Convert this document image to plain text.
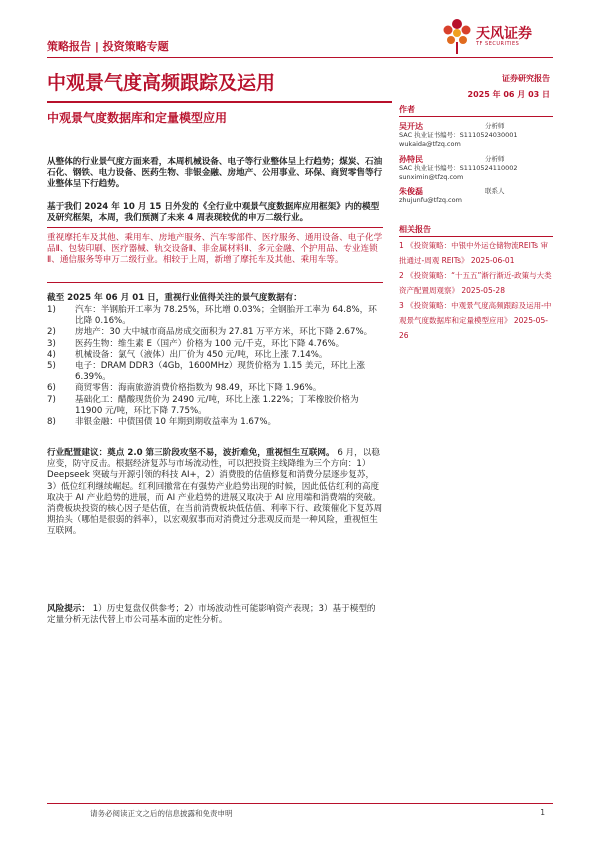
策略报告 | 投资策略专题
天风证券
TF SECURITIES
中观景气度高频跟踪及运用	证券研究报告
2025 年 06 月 03 日
中观景气度数据库和定量模型应用
作者
吴开达	分析师
SAC 执业证书编号：S1110524030001
wukaida@tfzq.com
孙特民	分析师
SAC 执业证书编号：S1110524110002
sunximin@tfzq.com
朱俊磊	联系人
zhujunfu@tfzq.com
相关报告
1 《投资策略：中银中外运仓储物流REITs 审批通过-周观 REITs》 2025-06-01
2 《投资策略：“十五五”渐行渐近-政策与大类资产配置周观察》 2025-05-28
3 《投资策略：中观景气度高频跟踪及运用-中观景气度数据库和定量模型应用》 2025-05-26
从整体的行业景气度方面来看，本周机械设备、电子等行业整体呈上行趋势；煤炭、石油石化、钢铁、电力设备、医药生物、非银金融、房地产、公用事业、环保、商贸零售等行业整体呈下行趋势。
基于我们 2024 年 10 月 15 日外发的《全行业中观景气度数据库应用框架》内的模型及研究框架，本周，我们预测了未来 4 周表现较优的申万二级行业。
重视摩托车及其他、乘用车、房地产服务、汽车零部件、医疗服务、通用设备、电子化学品Ⅱ、包装印刷、医疗器械、轨交设备Ⅱ、非金属材料Ⅱ、多元金融、个护用品、专业连锁Ⅱ、通信服务等申万二级行业。相较于上周，新增了摩托车及其他、乘用车等。
截至 2025 年 06 月 01 日，重视行业值得关注的景气度数据有：
1) 汽车：半钢胎开工率为 78.25%，环比增 0.03%；全钢胎开工率为 64.8%，环比降 0.16%。
2) 房地产：30 大中城市商品房成交面积为 27.81 万平方米，环比下降 2.67%。
3) 医药生物：维生素 E（国产）价格为 100 元/千克，环比下降 4.76%。
4) 机械设备：氯气（液体）出厂价为 450 元/吨，环比上涨 7.14%。
5) 电子：DRAM DDR3（4Gb，1600MHz）现货价格为 1.15 美元，环比上涨 6.39%。
6) 商贸零售：海南旅游消费价格指数为 98.49，环比下降 1.96%。
7) 基础化工：醋酸现货价为 2490 元/吨，环比上涨 1.22%；丁苯橡胶价格为 11900 元/吨，环比下降 7.75%。
8) 非银金融：中债国债 10 年期到期收益率为 1.67%。
行业配置建议：奠点 2.0 第三阶段攻坚不易，波折难免，重视恒生互联网。 6 月，以稳应变，防守反击。根据经济复苏与市场流动性，可以把投资主线降维为三个方向：1）Deepseek 突破与开源引领的科技 AI+，2）消费股的估值修复和消费分层逐步复苏，3）低位红利继续崛起。红利回撤常在有强势产业趋势出现的时候，因此低估红利的高度取决于 AI 产业趋势的进展，而 AI 产业趋势的进展又取决于 AI 应用端和消费端的突破。消费板块投资的核心因子是估值，在当前消费板块低估值、利率下行、政策催化下复苏周期抬头（哪怕是很弱的斜率），以宏观叙事而对消费过分悲观反而是一种风险，重视恒生互联网。
风险提示： 1）历史复盘仅供参考；2）市场波动性可能影响资产表现；3）基于模型的定量分析无法代替上市公司基本面的定性分析。
请务必阅读正文之后的信息披露和免责申明	1
